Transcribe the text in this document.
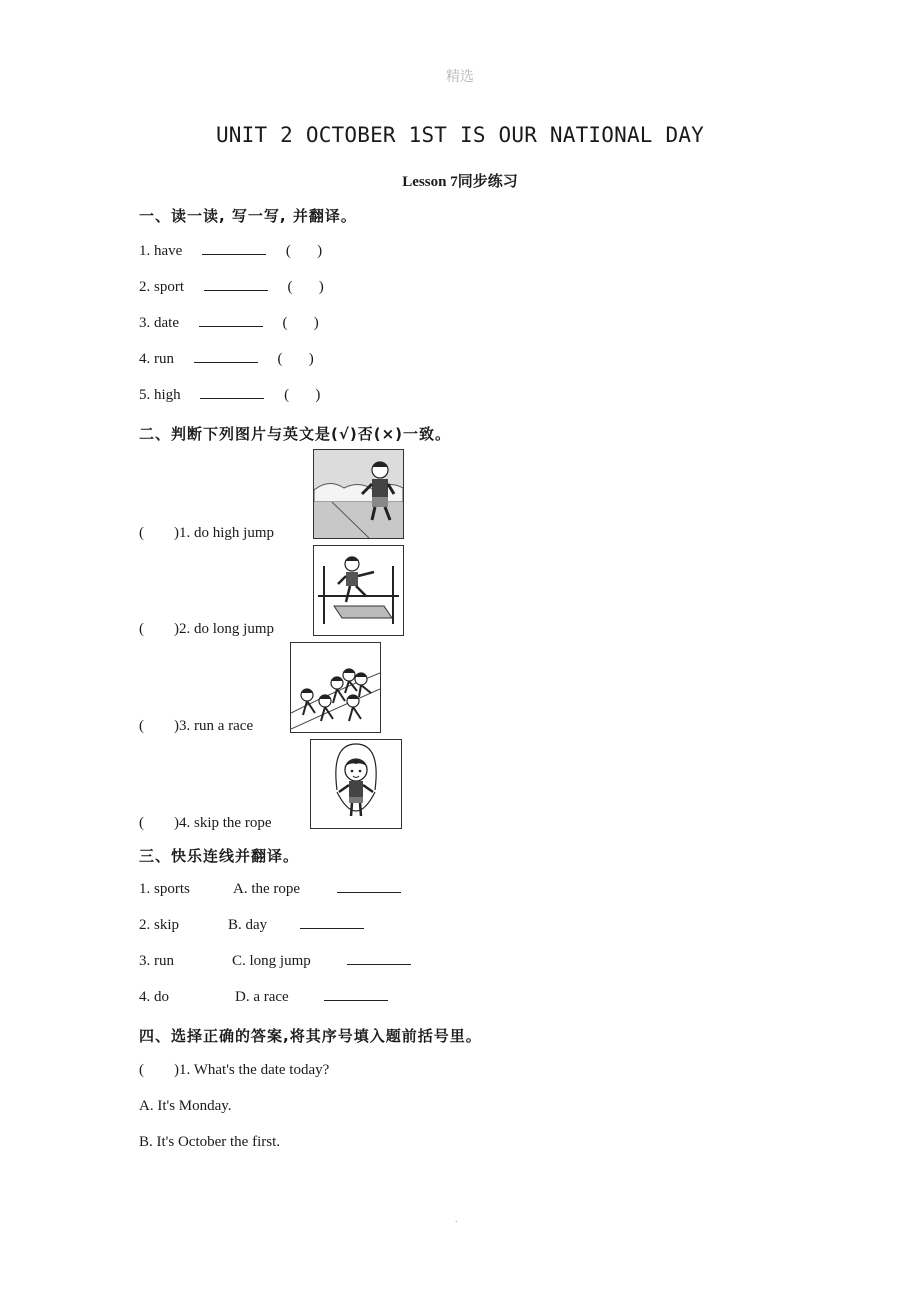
精选
UNIT 2 OCTOBER 1ST IS OUR NATIONAL DAY
Lesson 7同步练习
一、读一读, 写一写, 并翻译。
1. have	(       )
2. sport	(       )
3. date	(       )
4. run	(       )
5. high	(       )
二、判断下列图片与英文是(√)否(×)一致。
( )1. do high jump
( )2. do long jump
( )3. run a race
( )4. skip the rope
三、快乐连线并翻译。
1. sports	A. the rope
2. skip	B. day
3. run	C. long jump
4. do	D. a race
四、选择正确的答案,将其序号填入题前括号里。
( )1. What's the date today?
A. It's Monday.
B. It's October the first.
.
